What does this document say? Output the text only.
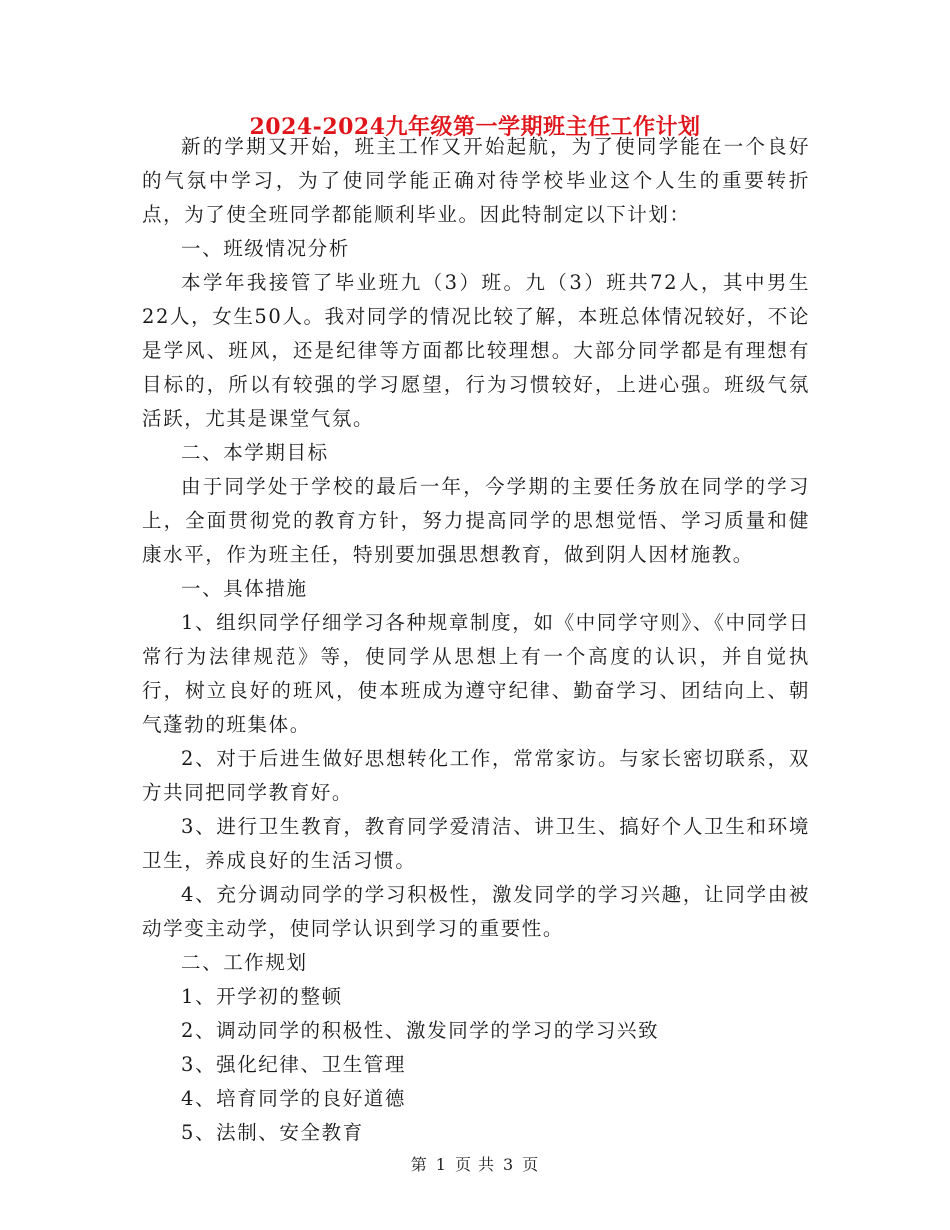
2024-2024九年级第一学期班主任工作计划

新的学期又开始，班主工作又开始起航，为了使同学能在一个良好的气氛中学习，为了使同学能正确对待学校毕业这个人生的重要转折点，为了使全班同学都能顺利毕业。因此特制定以下计划：

一、班级情况分析

本学年我接管了毕业班九（3）班。九（3）班共72人，其中男生22人，女生50人。我对同学的情况比较了解，本班总体情况较好，不论是学风、班风，还是纪律等方面都比较理想。大部分同学都是有理想有目标的，所以有较强的学习愿望，行为习惯较好，上进心强。班级气氛活跃，尤其是课堂气氛。

二、本学期目标

由于同学处于学校的最后一年，今学期的主要任务放在同学的学习上，全面贯彻党的教育方针，努力提高同学的思想觉悟、学习质量和健康水平，作为班主任，特别要加强思想教育，做到阴人因材施教。

一、具体措施

1、组织同学仔细学习各种规章制度，如《中同学守则》、《中同学日常行为法律规范》等，使同学从思想上有一个高度的认识，并自觉执行，树立良好的班风，使本班成为遵守纪律、勤奋学习、团结向上、朝气蓬勃的班集体。

2、对于后进生做好思想转化工作，常常家访。与家长密切联系，双方共同把同学教育好。

3、进行卫生教育，教育同学爱清洁、讲卫生、搞好个人卫生和环境卫生，养成良好的生活习惯。

4、充分调动同学的学习积极性，激发同学的学习兴趣，让同学由被动学变主动学，使同学认识到学习的重要性。

二、工作规划

1、开学初的整顿

2、调动同学的积极性、激发同学的学习的学习兴致

3、强化纪律、卫生管理

4、培育同学的良好道德

5、法制、安全教育

第 1 页 共 3 页
